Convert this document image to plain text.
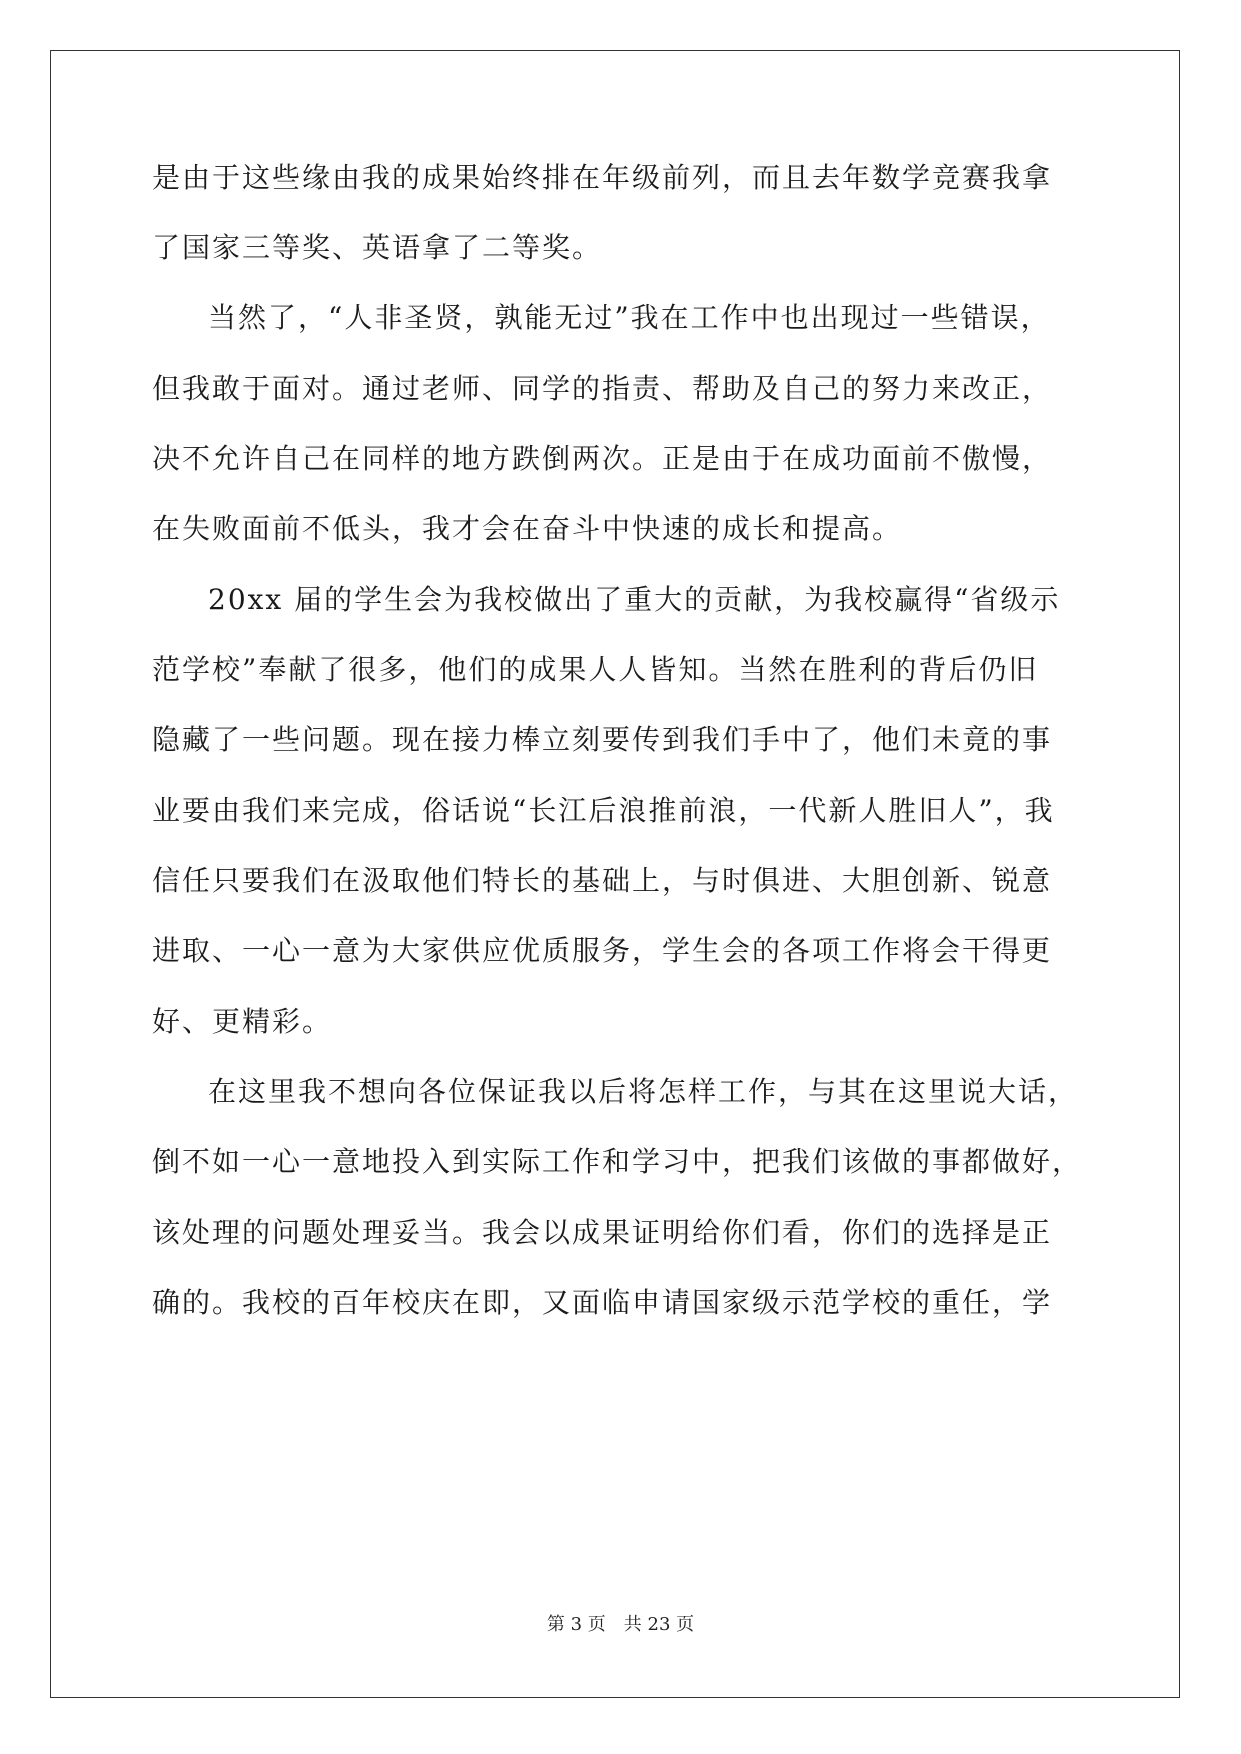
是由于这些缘由我的成果始终排在年级前列，而且去年数学竞赛我拿
了国家三等奖、英语拿了二等奖。
当然了，“人非圣贤，孰能无过”我在工作中也出现过一些错误，
但我敢于面对。通过老师、同学的指责、帮助及自己的努力来改正，
决不允许自己在同样的地方跌倒两次。正是由于在成功面前不傲慢，
在失败面前不低头，我才会在奋斗中快速的成长和提高。
20xx 届的学生会为我校做出了重大的贡献，为我校赢得“省级示
范学校”奉献了很多，他们的成果人人皆知。当然在胜利的背后仍旧
隐藏了一些问题。现在接力棒立刻要传到我们手中了，他们未竟的事
业要由我们来完成，俗话说“长江后浪推前浪，一代新人胜旧人”，我
信任只要我们在汲取他们特长的基础上，与时俱进、大胆创新、锐意
进取、一心一意为大家供应优质服务，学生会的各项工作将会干得更
好、更精彩。
在这里我不想向各位保证我以后将怎样工作，与其在这里说大话，
倒不如一心一意地投入到实际工作和学习中，把我们该做的事都做好，
该处理的问题处理妥当。我会以成果证明给你们看，你们的选择是正
确的。我校的百年校庆在即，又面临申请国家级示范学校的重任，学
第 3 页　共 23 页
